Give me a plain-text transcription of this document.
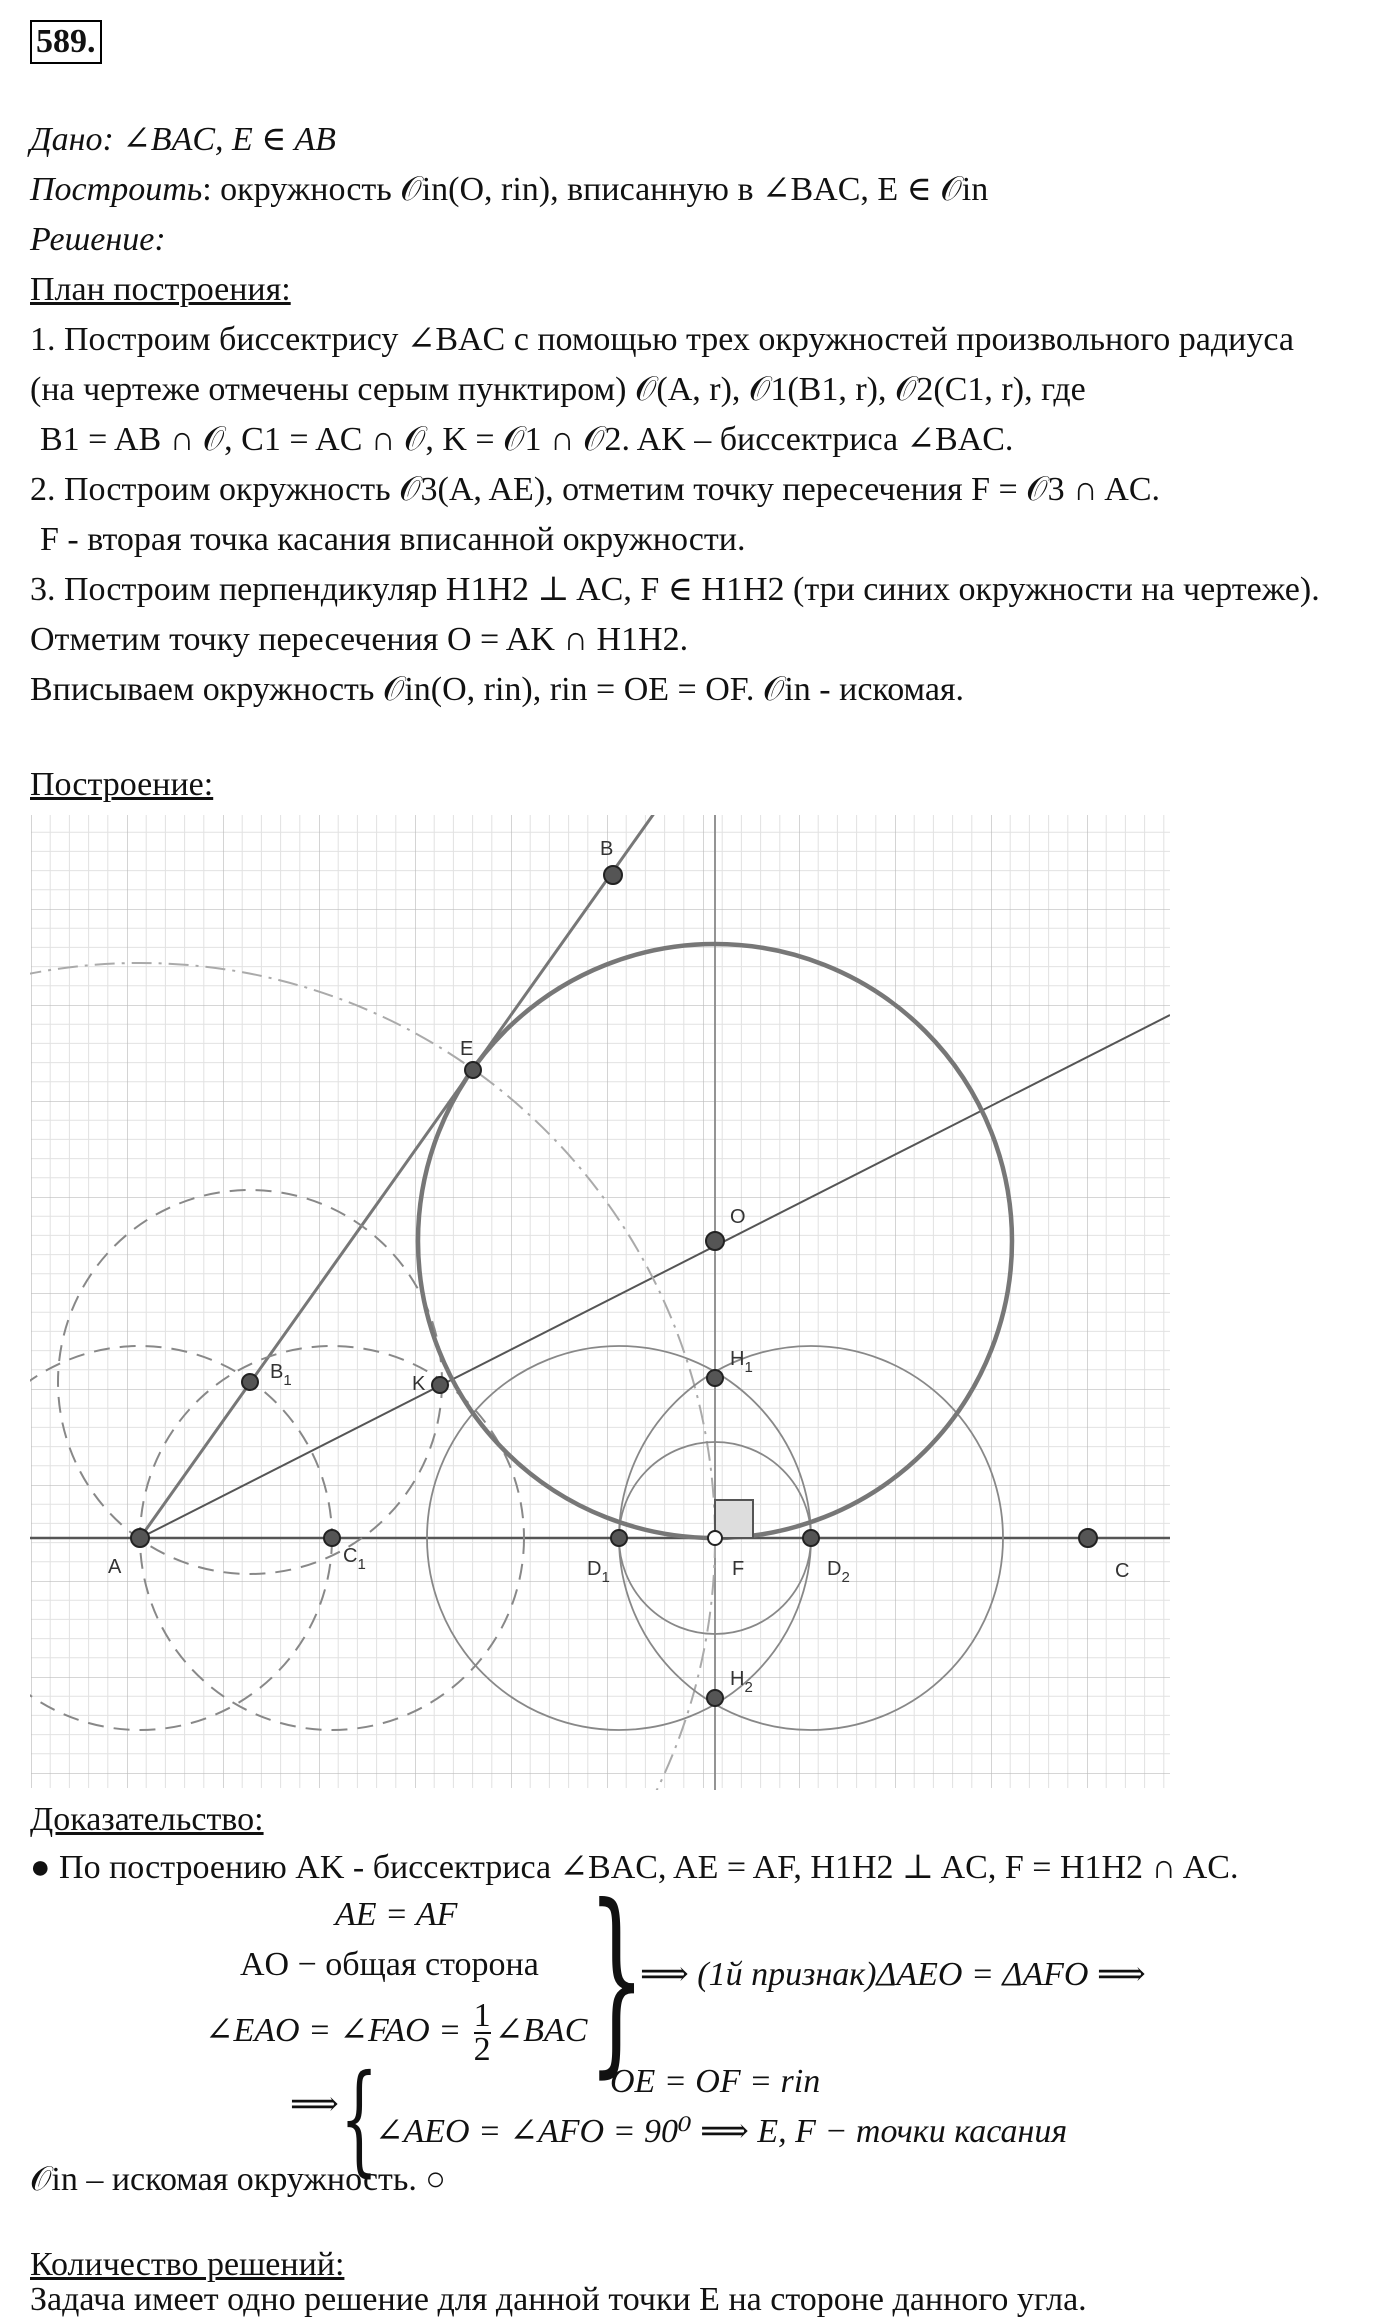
589.
Дано: ∠BAC, E ∈ AB
Построить: окружность 𝒪in(O, rin), вписанную в ∠BAC, E ∈ 𝒪in
Решение:
План построения:
1. Построим биссектрису ∠BAC с помощью трех окружностей произвольного радиуса
(на чертеже отмечены серым пунктиром) 𝒪(A, r), 𝒪1(B1, r), 𝒪2(C1, r), где
B1 = AB ∩ 𝒪, C1 = AC ∩ 𝒪, K = 𝒪1 ∩ 𝒪2. AK – биссектриса ∠BAC.
2. Построим окружность 𝒪3(A, AE), отметим точку пересечения F = 𝒪3 ∩ AC.
F - вторая точка касания вписанной окружности.
3. Построим перпендикуляр H1H2 ⊥ AC, F ∈ H1H2 (три синих окружности на чертеже).
Отметим точку пересечения O = AK ∩ H1H2.
Вписываем окружность 𝒪in(O, rin), rin = OE = OF. 𝒪in - искомая.
Построение:
A
B
C
E
O
K
F
$B_1$
$C_1$
$H_1$
$H_2$
$D_1$	$D_2$
Доказательство:
● По построению AK - биссектриса ∠BAC, AE = AF, H1H2 ⊥ AC, F = H1H2 ∩ AC.
AE = AF
AO − общая сторона
∠EAO = ∠FAO = $\frac{1}{2}$ ∠BAC }
⟹ (1й признак)ΔAEO = ΔAFO ⟹
⟹ {	OE = OF = rin
∠AEO = ∠AFO = 90⁰ ⟹ E, F − точки касания
𝒪in – искомая окружность. ○
Количество решений:
Задача имеет одно решение для данной точки E на стороне данного угла.
